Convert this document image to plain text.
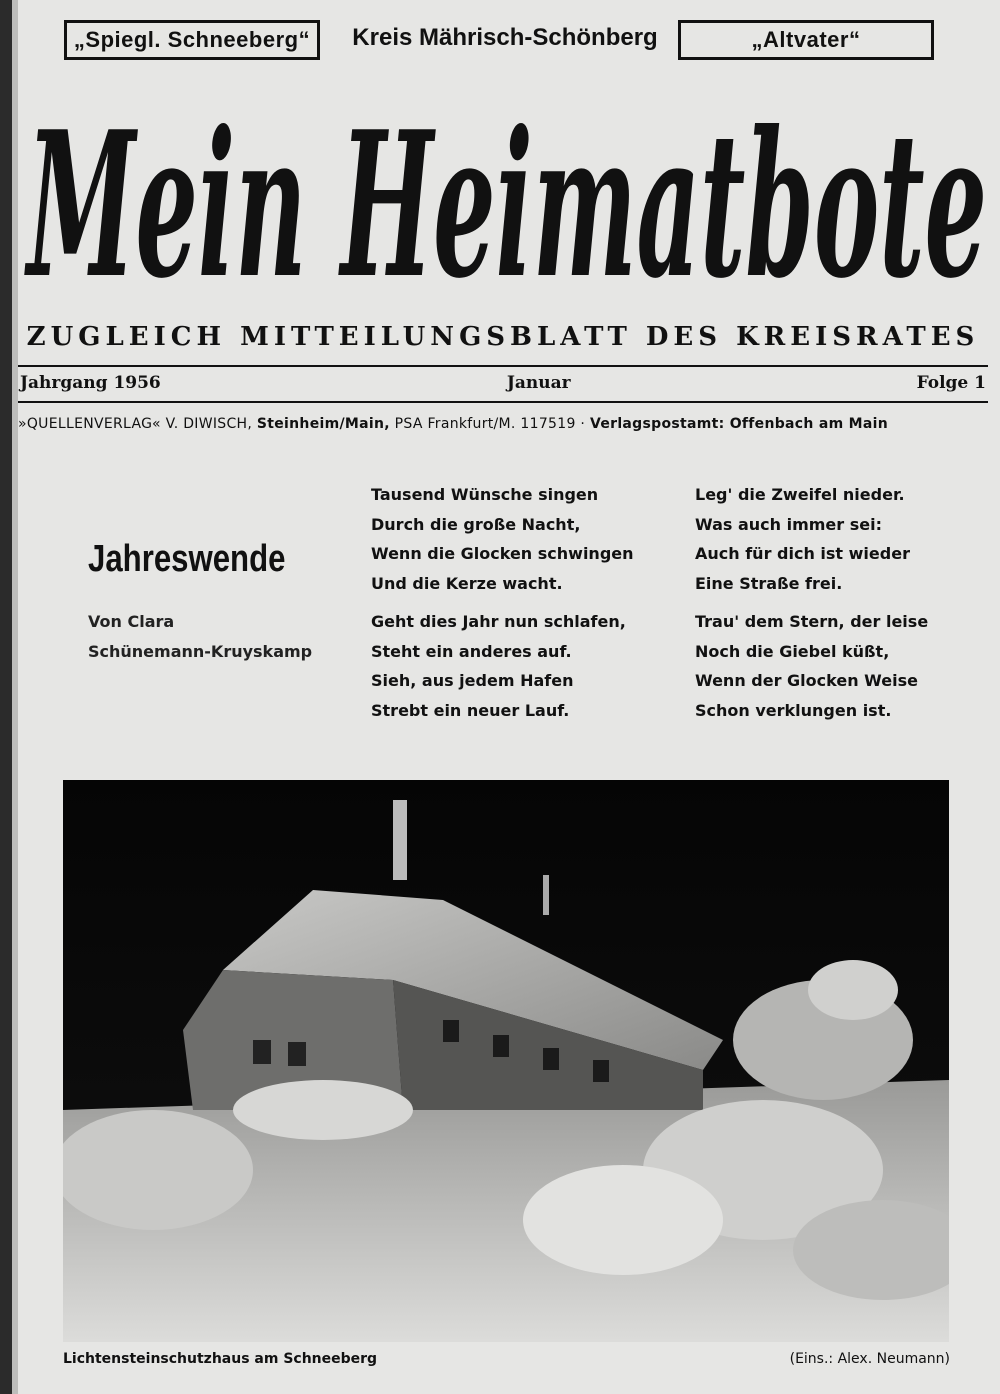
„Spiegl. Schneeberg“	Kreis Mährisch-Schönberg	„Altvater“
Mein Heimatbote
ZUGLEICH MITTEILUNGSBLATT DES KREISRATES
Jahrgang 1956	Januar	Folge 1
»QUELLENVERLAG« V. DIWISCH, Steinheim/Main, PSA Frankfurt/M. 117519 · Verlagspostamt: Offenbach am Main
Jahreswende
Von Clara
Schünemann-Kruyskamp
Tausend Wünsche singen
Durch die große Nacht,
Wenn die Glocken schwingen
Und die Kerze wacht.
Geht dies Jahr nun schlafen,
Steht ein anderes auf.
Sieh, aus jedem Hafen
Strebt ein neuer Lauf.
Leg' die Zweifel nieder.
Was auch immer sei:
Auch für dich ist wieder
Eine Straße frei.
Trau' dem Stern, der leise
Noch die Giebel küßt,
Wenn der Glocken Weise
Schon verklungen ist.
Lichtensteinschutzhaus am Schneeberg	(Eins.: Alex. Neumann)
